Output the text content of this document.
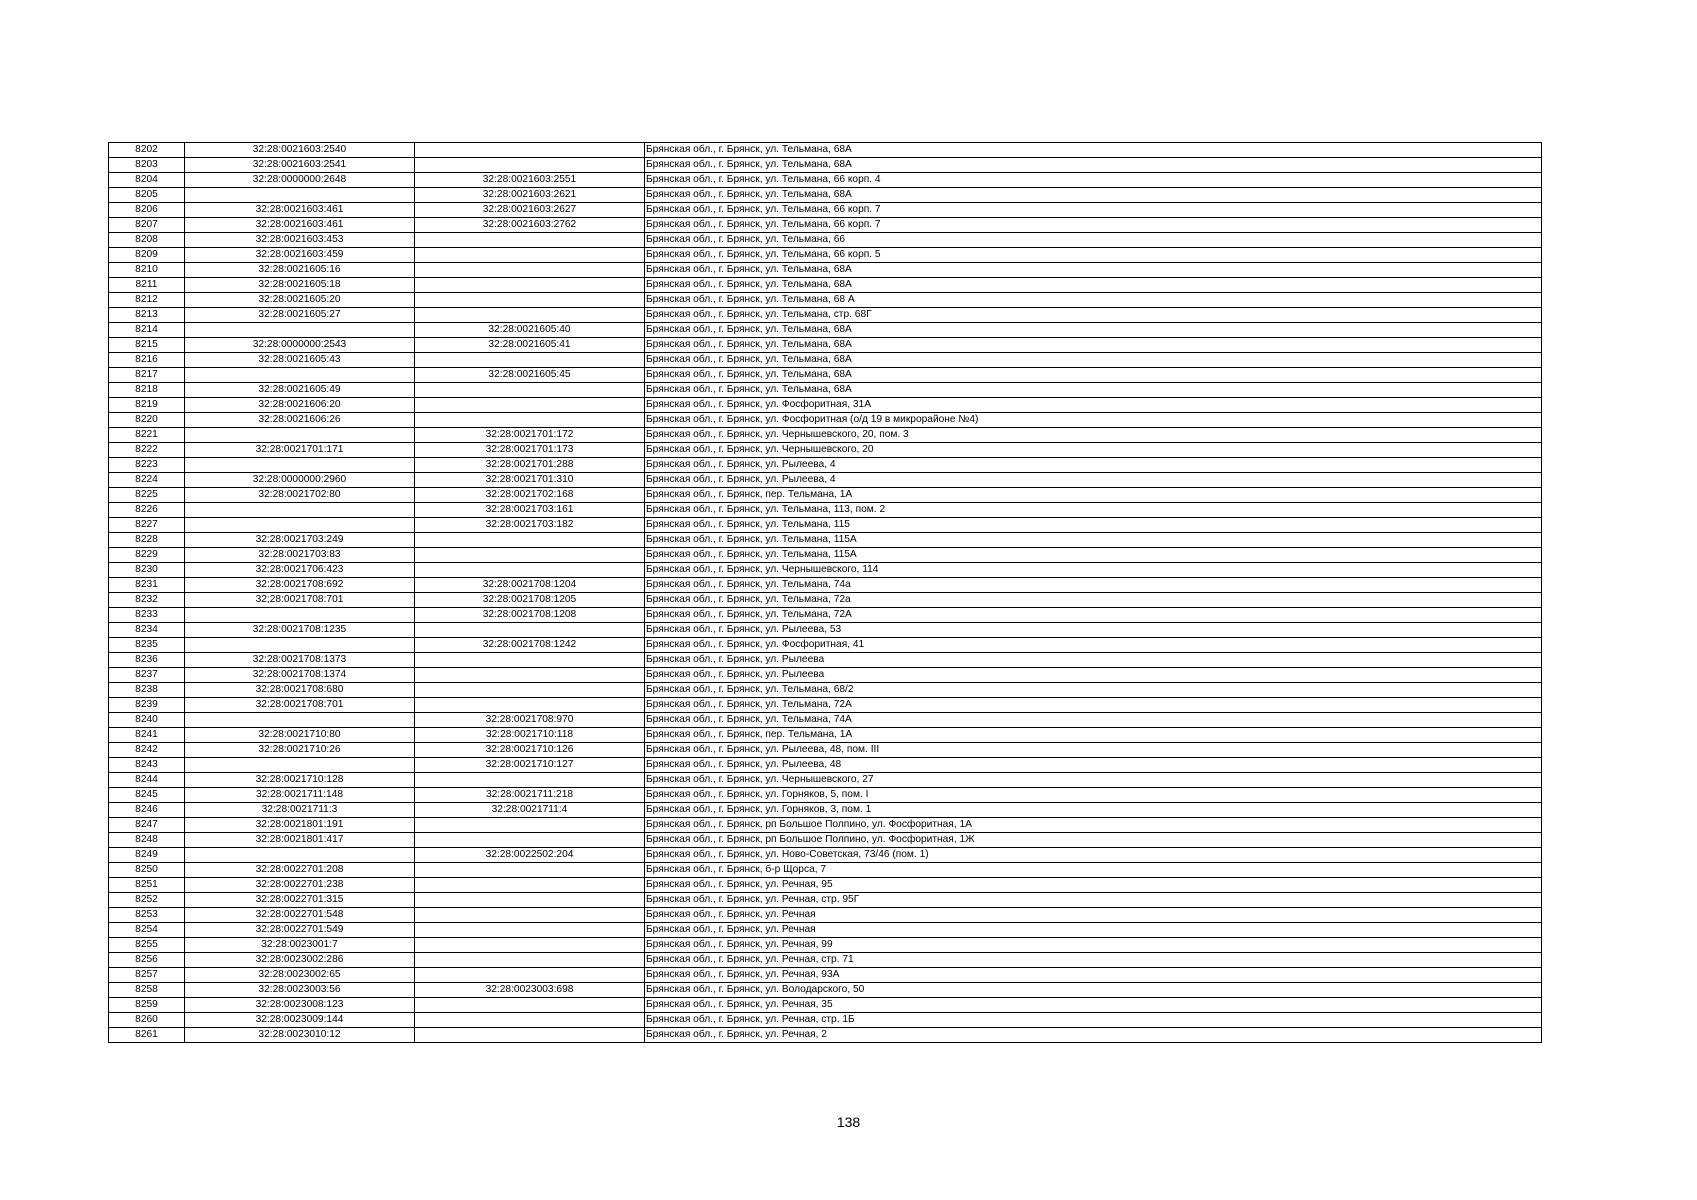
8202	32:28:0021603:2540		Брянская обл., г. Брянск, ул. Тельмана, 68А
8203	32:28:0021603:2541		Брянская обл., г. Брянск, ул. Тельмана, 68А
8204	32:28:0000000:2648	32:28:0021603:2551	Брянская обл., г. Брянск, ул. Тельмана, 66 корп. 4
8205		32:28:0021603:2621	Брянская обл., г. Брянск, ул. Тельмана, 68А
8206	32:28:0021603:461	32:28:0021603:2627	Брянская обл., г. Брянск, ул. Тельмана, 66 корп. 7
8207	32:28:0021603:461	32:28:0021603:2762	Брянская обл., г. Брянск, ул. Тельмана, 66 корп. 7
8208	32:28:0021603:453		Брянская обл., г. Брянск, ул. Тельмана, 66
8209	32:28:0021603:459		Брянская обл., г. Брянск, ул. Тельмана, 66 корп. 5
8210	32:28:0021605:16		Брянская обл., г. Брянск, ул. Тельмана, 68А
8211	32:28:0021605:18		Брянская обл., г. Брянск, ул. Тельмана, 68А
8212	32:28:0021605:20		Брянская обл., г. Брянск, ул. Тельмана, 68 А
8213	32:28:0021605:27		Брянская обл., г. Брянск, ул. Тельмана, стр. 68Г
8214		32:28:0021605:40	Брянская обл., г. Брянск, ул. Тельмана, 68А
8215	32:28:0000000:2543	32:28:0021605:41	Брянская обл., г. Брянск, ул. Тельмана, 68А
8216	32:28:0021605:43		Брянская обл., г. Брянск, ул. Тельмана, 68А
8217		32:28:0021605:45	Брянская обл., г. Брянск, ул. Тельмана, 68А
8218	32:28:0021605:49		Брянская обл., г. Брянск, ул. Тельмана, 68А
8219	32:28:0021606:20		Брянская обл., г. Брянск, ул. Фосфоритная, 31А
8220	32:28:0021606:26		Брянская обл., г. Брянск, ул. Фосфоритная (о/д 19 в микрорайоне №4)
8221		32:28:0021701:172	Брянская обл., г. Брянск, ул. Чернышевского, 20, пом. 3
8222	32:28:0021701:171	32:28:0021701:173	Брянская обл., г. Брянск, ул. Чернышевского, 20
8223		32:28:0021701:288	Брянская обл., г. Брянск, ул. Рылеева, 4
8224	32:28:0000000:2960	32:28:0021701:310	Брянская обл., г. Брянск, ул. Рылеева, 4
8225	32:28:0021702:80	32:28:0021702:168	Брянская обл., г. Брянск, пер. Тельмана, 1А
8226		32:28:0021703:161	Брянская обл., г. Брянск, ул. Тельмана, 113, пом. 2
8227		32:28:0021703:182	Брянская обл., г. Брянск, ул. Тельмана, 115
8228	32:28:0021703:249		Брянская обл., г. Брянск, ул. Тельмана, 115А
8229	32:28:0021703:83		Брянская обл., г. Брянск, ул. Тельмана, 115А
8230	32:28:0021706:423		Брянская обл., г. Брянск, ул. Чернышевского, 114
8231	32:28:0021708:692	32:28:0021708:1204	Брянская обл., г. Брянск, ул. Тельмана, 74а
8232	32;28:0021708:701	32:28:0021708:1205	Брянская обл., г. Брянск, ул. Тельмана, 72а
8233		32:28:0021708:1208	Брянская обл., г. Брянск, ул. Тельмана, 72А
8234	32:28:0021708:1235		Брянская обл., г. Брянск, ул. Рылеева, 53
8235		32:28:0021708:1242	Брянская обл., г. Брянск, ул. Фосфоритная, 41
8236	32:28:0021708:1373		Брянская обл., г. Брянск, ул. Рылеева
8237	32:28:0021708:1374		Брянская обл., г. Брянск, ул. Рылеева
8238	32:28:0021708:680		Брянская обл., г. Брянск, ул. Тельмана, 68/2
8239	32:28:0021708:701		Брянская обл., г. Брянск, ул. Тельмана, 72А
8240		32:28:0021708:970	Брянская обл., г. Брянск, ул. Тельмана, 74А
8241	32:28:0021710:80	32:28:0021710:118	Брянская обл., г. Брянск, пер. Тельмана, 1А
8242	32:28:0021710:26	32:28:0021710:126	Брянская обл., г. Брянск, ул. Рылеева, 48, пом. III
8243		32:28:0021710:127	Брянская обл., г. Брянск, ул. Рылеева, 48
8244	32:28:0021710:128		Брянская обл., г. Брянск, ул. Чернышевского, 27
8245	32:28:0021711:148	32:28:0021711:218	Брянская обл., г. Брянск, ул. Горняков, 5, пом. I
8246	32:28:0021711:3	32:28:0021711:4	Брянская обл., г. Брянск, ул. Горняков, 3, пом. 1
8247	32:28:0021801:191		Брянская обл., г. Брянск, рп Большое Полпино, ул. Фосфоритная, 1А
8248	32:28:0021801:417		Брянская обл., г. Брянск, рп Большое Полпино, ул. Фосфоритная, 1Ж
8249		32:28:0022502:204	Брянская обл., г. Брянск, ул. Ново-Советская, 73/46 (пом. 1)
8250	32:28:0022701:208		Брянская обл., г. Брянск, б-р Щорса, 7
8251	32:28:0022701:238		Брянская обл., г. Брянск, ул. Речная, 95
8252	32:28:0022701:315		Брянская обл., г. Брянск, ул. Речная, стр. 95Г
8253	32:28:0022701:548		Брянская обл., г. Брянск, ул. Речная
8254	32:28:0022701:549		Брянская обл., г. Брянск, ул. Речная
8255	32:28:0023001:7		Брянская обл., г. Брянск, ул. Речная, 99
8256	32:28:0023002:286		Брянская обл., г. Брянск, ул. Речная, стр. 71
8257	32:28:0023002:65		Брянская обл., г. Брянск, ул. Речная, 93А
8258	32:28:0023003:56	32:28:0023003:698	Брянская обл., г. Брянск, ул. Володарского, 50
8259	32:28:0023008:123		Брянская обл., г. Брянск, ул. Речная, 35
8260	32:28:0023009:144		Брянская обл., г. Брянск, ул. Речная, стр. 1Б
8261	32:28:0023010:12		Брянская обл., г. Брянск, ул. Речная, 2
138
